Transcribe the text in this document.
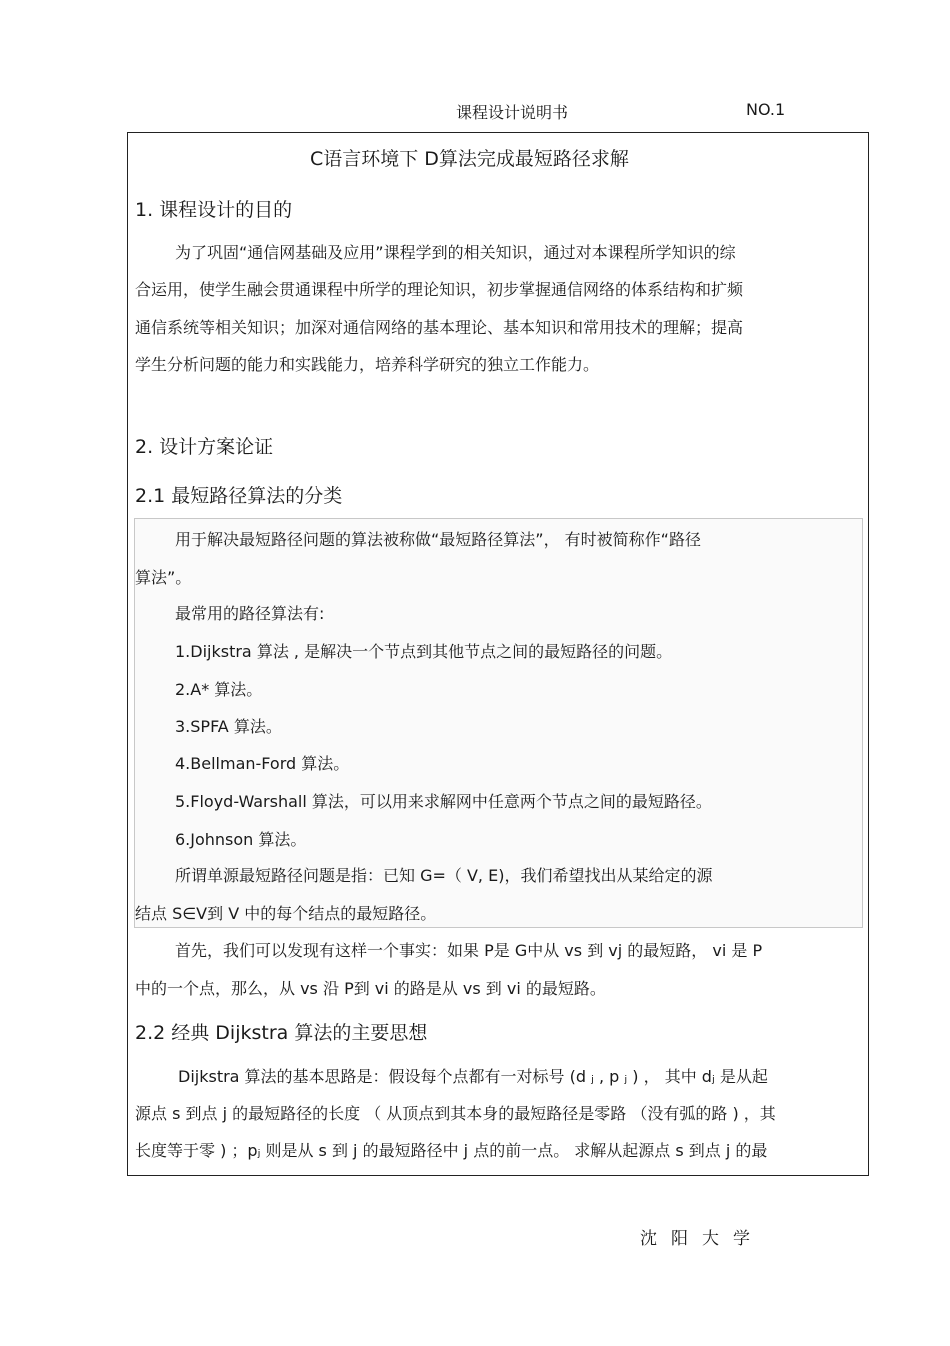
课程设计说明书	NO.1
C语言环境下 D算法完成最短路径求解
1. 课程设计的目的
为了巩固“通信网基础及应用”课程学到的相关知识，通过对本课程所学知识的综
合运用，使学生融会贯通课程中所学的理论知识，初步掌握通信网络的体系结构和扩频
通信系统等相关知识；加深对通信网络的基本理论、基本知识和常用技术的理解；提高
学生分析问题的能力和实践能力，培养科学研究的独立工作能力。
2. 设计方案论证
2.1 最短路径算法的分类
用于解决最短路径问题的算法被称做“最短路径算法”， 有时被简称作“路径
算法”。
最常用的路径算法有:
1.Dijkstra 算法 , 是解决一个节点到其他节点之间的最短路径的问题。
2.A* 算法。
3.SPFA 算法。
4.Bellman-Ford 算法。
5.Floyd-Warshall 算法，可以用来求解网中任意两个节点之间的最短路径。
6.Johnson 算法。
所谓单源最短路径问题是指：已知 G=（ V, E)，我们希望找出从某给定的源
结点 S∈V到 V 中的每个结点的最短路径。
首先，我们可以发现有这样一个事实：如果 P是 G中从 vs 到 vj 的最短路， vi 是 P
中的一个点，那么，从 vs 沿 P到 vi 的路是从 vs 到 vi 的最短路。
2.2 经典 Dijkstra 算法的主要思想
Dijkstra 算法的基本思路是：假设每个点都有一对标号 (d ⱼ , p ⱼ ) ， 其中 dⱼ 是从起
源点 s 到点 j 的最短路径的长度 （ 从顶点到其本身的最短路径是零路 （没有弧的路 ) ，其
长度等于零 ) ；pⱼ 则是从 s 到 j 的最短路径中 j 点的前一点。 求解从起源点 s 到点 j 的最
沈阳大学
